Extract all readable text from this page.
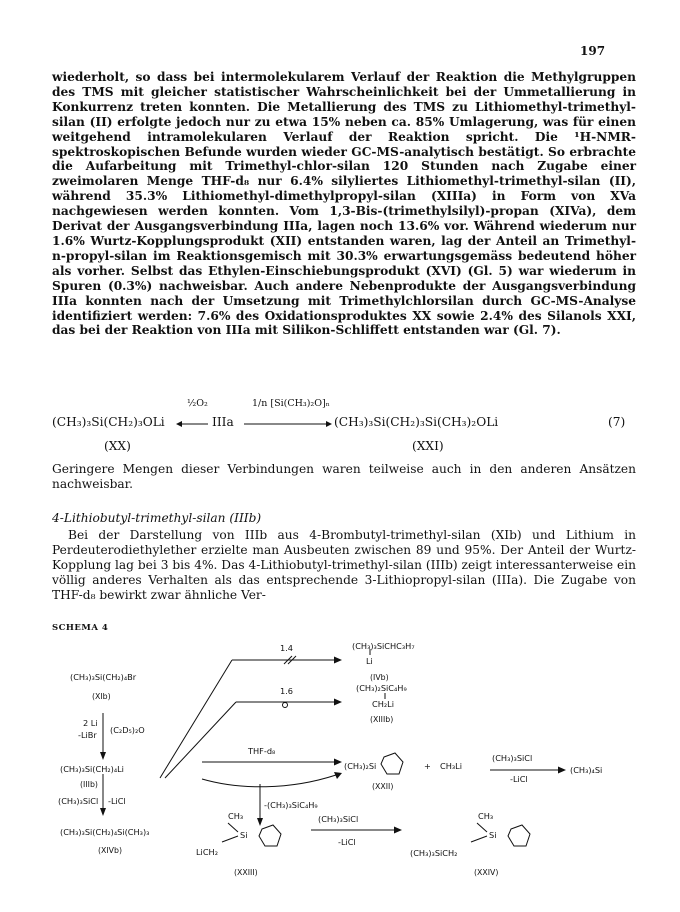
197

wiederholt, so dass bei intermolekularem Verlauf der Reaktion die Methylgruppen des TMS mit gleicher statistischer Wahrscheinlichkeit bei der Ummetallierung in Konkurrenz treten konnten. Die Metallierung des TMS zu Lithiomethyl-trimethyl-silan (II) erfolgte jedoch nur zu etwa 15% neben ca. 85% Umlagerung, was für einen weitgehend intramolekularen Verlauf der Reaktion spricht. Die ¹H-NMR-spektroskopischen Befunde wurden wieder GC-MS-analytisch bestätigt. So erbrachte die Aufarbeitung mit Trimethyl-chlor-silan 120 Stunden nach Zugabe einer zweimolaren Menge THF-d₈ nur 6.4% silyliertes Lithiomethyl-trimethyl-silan (II), während 35.3% Lithiomethyl-dimethylpropyl-silan (XIIIa) in Form von XVa nachgewiesen werden konnten. Vom 1,3-Bis-(trimethylsilyl)-propan (XIVa), dem Derivat der Ausgangsverbindung IIIa, lagen noch 13.6% vor. Während wiederum nur 1.6% Wurtz-Kopplungsprodukt (XII) entstanden waren, lag der Anteil an Trimethyl-n-propyl-silan im Reaktionsgemisch mit 30.3% erwartungsgemäss bedeutend höher als vorher. Selbst das Ethylen-Einschiebungsprodukt (XVI) (Gl. 5) war wiederum in Spuren (0.3%) nachweisbar. Auch andere Nebenprodukte der Ausgangsverbindung IIIa konnten nach der Umsetzung mit Trimethylchlorsilan durch GC-MS-Analyse identifiziert werden: 7.6% des Oxidationsproduktes XX sowie 2.4% des Silanols XXI, das bei der Reaktion von IIIa mit Silikon-Schliffett entstanden war (Gl. 7).

(CH₃)₃Si(CH₂)₃OLi
½O₂
IIIa
1/n [Si(CH₃)₂O]ₙ
(CH₃)₃Si(CH₂)₃Si(CH₃)₂OLi	(7)
(XX)	(XXI)

Geringere Mengen dieser Verbindungen waren teilweise auch in den anderen Ansätzen nachweisbar.

4-Lithiobutyl-trimethyl-silan (IIIb)

Bei der Darstellung von IIIb aus 4-Brombutyl-trimethyl-silan (XIb) und Lithium in Perdeuterodiethylether erzielte man Ausbeuten zwischen 89 und 95%. Der Anteil der Wurtz-Kopplung lag bei 3 bis 4%. Das 4-Lithiobutyl-trimethyl-silan (IIIb) zeigt interessanterweise ein völlig anderes Verhalten als das entsprechende 3-Lithiopropyl-silan (IIIa). Die Zugabe von THF-d₈ bewirkt zwar ähnliche Ver-

SCHEMA 4
(CH₃)₃Si(CH₂)₄Br
(XIb)
2 Li
-LiBr (C₂D₅)₂O
(CH₃)₃Si(CH₂)₄Li
(IIIb)
(CH₃)₃SiCl -LiCl
(CH₃)₃Si(CH₂)₄Si(CH₃)₃
(XIVb)
1.4	(CH₃)₃SiCHC₃H₇
Li
(IVb)
1.6	(CH₃)₂SiC₄H₉
CH₂Li
(XIIIb)
THF-d₈
(CH₃)₂Si
(XXII)
+ CH₃Li
(CH₃)₃SiCl
-LiCl
(CH₃)₄Si
-(CH₃)₃SiC₄H₉
CH₃
Si
LiCH₂
(XXIII)
(CH₃)₃SiCl
-LiCl
CH₃
Si
(CH₃)₃SiCH₂
(XXIV)
